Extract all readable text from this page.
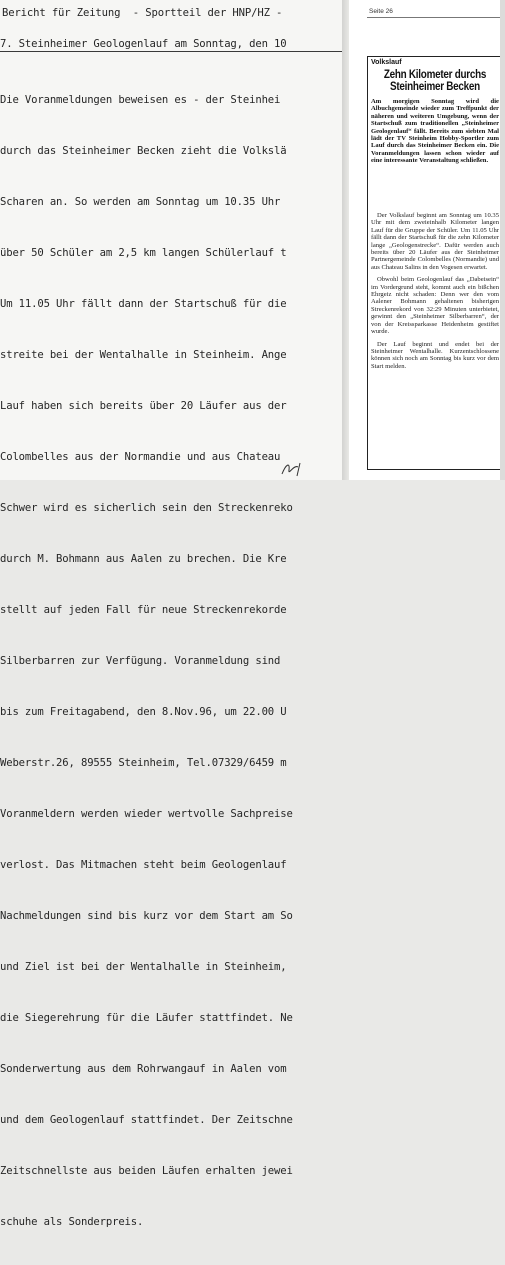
Bericht für Zeitung  - Sportteil der HNP/HZ -
7. Steinheimer Geologenlauf am Sonntag, den 10

Die Voranmeldungen beweisen es - der Steinhei

durch das Steinheimer Becken zieht die Volkslä

Scharen an. So werden am Sonntag um 10.35 Uhr

über 50 Schüler am 2,5 km langen Schülerlauf t

Um 11.05 Uhr fällt dann der Startschuß für die

streite bei der Wentalhalle in Steinheim. Ange

Lauf haben sich bereits über 20 Läufer aus der

Colombelles aus der Normandie und aus Chateau

Schwer wird es sicherlich sein den Streckenreko

durch M. Bohmann aus Aalen zu brechen. Die Kre

stellt auf jeden Fall für neue Streckenrekorde

Silberbarren zur Verfügung. Voranmeldung sind

bis zum Freitagabend, den 8.Nov.96, um 22.00 U

Weberstr.26, 89555 Steinheim, Tel.07329/6459 m

Voranmeldern werden wieder wertvolle Sachpreise

verlost. Das Mitmachen steht beim Geologenlauf

Nachmeldungen sind bis kurz vor dem Start am So

und Ziel ist bei der Wentalhalle in Steinheim,

die Siegerehrung für die Läufer stattfindet. Ne

Sonderwertung aus dem Rohrwangauf in Aalen vom

und dem Geologenlauf stattfindet. Der Zeitschne

Zeitschnellste aus beiden Läufen erhalten jewei

schuhe als Sonderpreis.

Seite 26
Volkslauf
Zehn Kilometer durchs Steinheimer Becken
Am morgigen Sonntag wird die Albuchgemeinde wieder zum Treffpunkt der näheren und weiteren Umgebung, wenn der Startschuß zum traditionellen „Steinheimer Geologenlauf“ fällt. Bereits zum siebten Mal lädt der TV Steinheim Hobby-Sportler zum Lauf durch das Steinheimer Becken ein. Die Voranmeldungen lassen schon wieder auf eine interessante Veranstaltung schließen.

Der Volkslauf beginnt am Sonntag um 10.35 Uhr mit dem zweieinhalb Kilometer langen Lauf für die Gruppe der Schüler. Um 11.05 Uhr fällt dann der Startschuß für die zehn Kilometer lange „Geologenstrecke“. Dafür werden auch bereits über 20 Läufer aus der Steinheimer Partnergemeinde Colombelles (Normandie) und aus Chateau Salins in den Vogesen erwartet.

Obwohl beim Geologenlauf das „Dabeisein“ im Vordergrund steht, kommt auch ein bißchen Ehrgeiz nicht schaden: Denn wer den vom Aalener Bohmann gehaltenen bisherigen Streckenrekord von 32:29 Minuten unterbietet, gewinnt den „Steinheimer Silberbarren“, der von der Kreissparkasse Heidenheim gestiftet wurde.

Der Lauf beginnt und endet bei der Steinheimer Wentalhalle. Kurzentschlossene können sich noch am Sonntag bis kurz vor dem Start melden.
